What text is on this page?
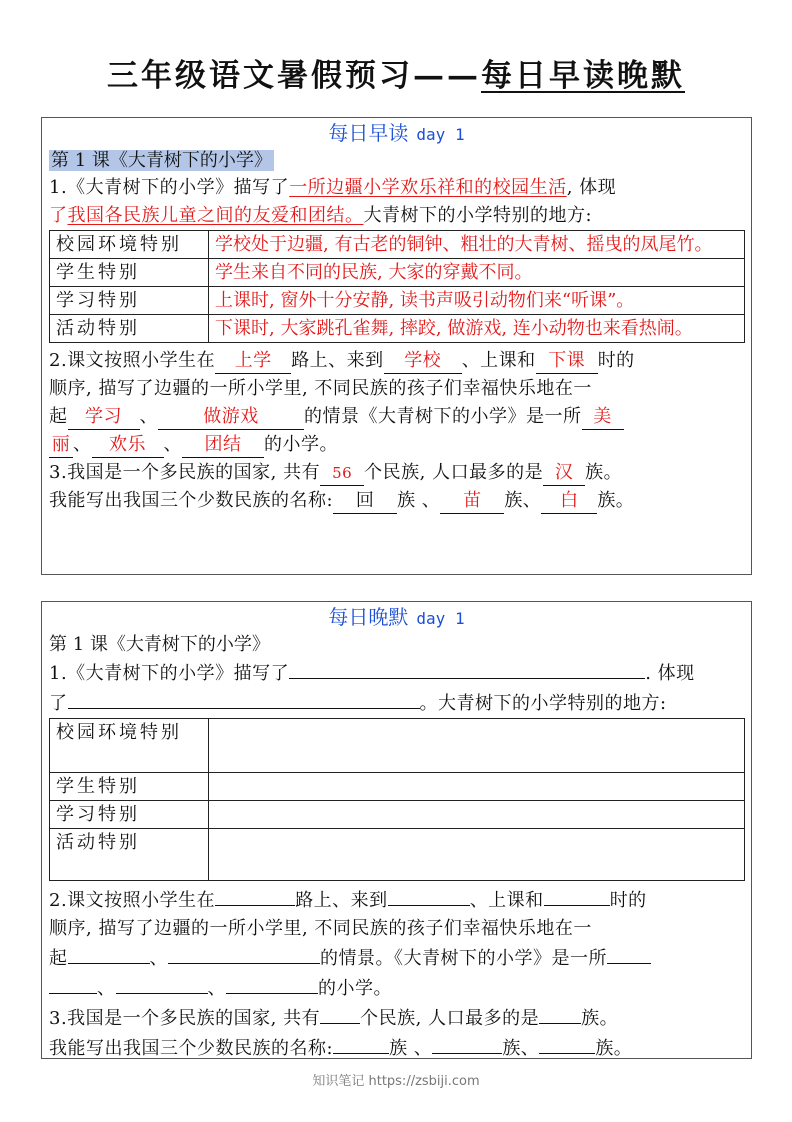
三年级语文暑假预习——每日早读晚默
每日早读 day 1
第 1 课《大青树下的小学》
1.《大青树下的小学》描写了一所边疆小学欢乐祥和的校园生活, 体现
了我国各民族儿童之间的友爱和团结。大青树下的小学特别的地方:
校园环境特别	学校处于边疆, 有古老的铜钟、粗壮的大青树、摇曳的凤尾竹。
学生特别	学生来自不同的民族, 大家的穿戴不同。
学习特别	上课时, 窗外十分安静, 读书声吸引动物们来“听课”。
活动特别	下课时, 大家跳孔雀舞, 摔跤, 做游戏, 连小动物也来看热闹。
2.课文按照小学生在 上学 路上、来到 学校 、上课和 下课 时的
顺序, 描写了边疆的一所小学里, 不同民族的孩子们幸福快乐地在一
起 学习 、	做游戏	的情景《大青树下的小学》是一所 美
丽 、 欢乐 、 团结 的小学。
3.我国是一个多民族的国家, 共有 56 个民族, 人口最多的是 汉 族。
我能写出我国三个少数民族的名称: 回 族 、 苗 族、 白 族。
每日晚默 day 1
第 1 课《大青树下的小学》
1.《大青树下的小学》描写了	. 体现
了	。大青树下的小学特别的地方:
校园环境特别	
学生特别	
学习特别	
活动特别	
2.课文按照小学生在	路上、来到	、上课和	时的
顺序, 描写了边疆的一所小学里, 不同民族的孩子们幸福快乐地在一
起	、	的情景。《大青树下的小学》是一所
、	、	的小学。
3.我国是一个多民族的国家, 共有 个民族, 人口最多的是 族。
我能写出我国三个少数民族的名称:	族 、	族、	族。
知识笔记 https://zsbiji.com
